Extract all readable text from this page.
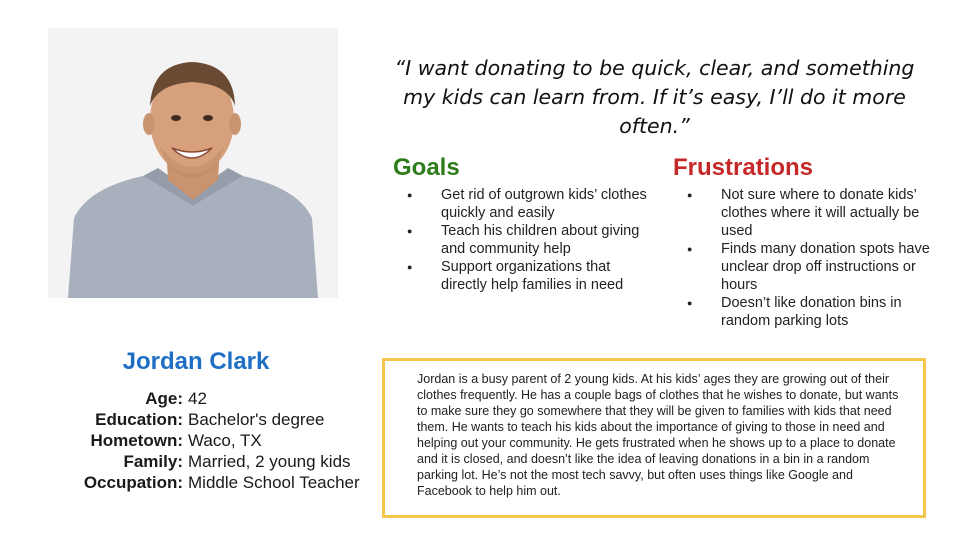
“I want donating to be quick, clear, and something my kids can learn from. If it’s easy, I’ll do it more often.”
Goals
● Get rid of outgrown kids’ clothes quickly and easily
● Teach his children about giving and community help
● Support organizations that directly help families in need
Frustrations
● Not sure where to donate kids’ clothes where it will actually be used
● Finds many donation spots have unclear drop off instructions or hours
● Doesn’t like donation bins in random parking lots
Jordan Clark
Age: 42
Education: Bachelor's degree
Hometown: Waco, TX
Family: Married, 2 young kids
Occupation: Middle School Teacher

Jordan is a busy parent of 2 young kids. At his kids’ ages they are growing out of their clothes frequently. He has a couple bags of clothes that he wishes to donate, but wants to make sure they go somewhere that they will be given to families with kids that need them. He wants to teach his kids about the importance of giving to those in need and helping out your community. He gets frustrated when he shows up to a place to donate and it is closed, and doesn’t like the idea of leaving donations in a bin in a random parking lot. He’s not the most tech savvy, but often uses things like Google and Facebook to help him out.
